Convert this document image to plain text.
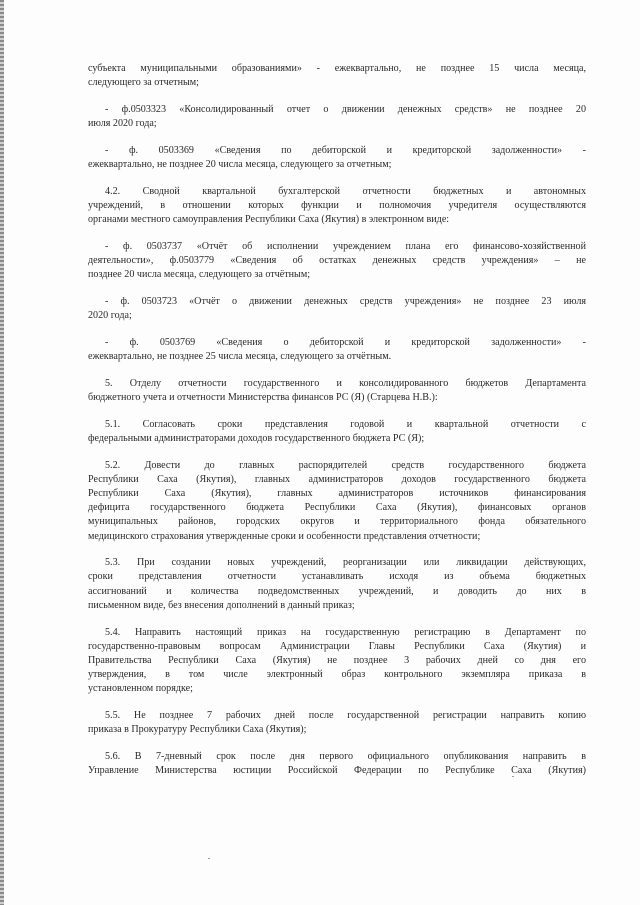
субъекта муниципальными образованиями» - ежеквартально, не позднее 15 числа месяца,
следующего за отчетным;

- ф.0503323 «Консолидированный отчет о движении денежных средств» не позднее 20
июля 2020 года;

- ф. 0503369 «Сведения по дебиторской и кредиторской задолженности» -
ежеквартально, не позднее 20 числа месяца, следующего за отчетным;

4.2. Сводной квартальной бухгалтерской отчетности бюджетных и автономных
учреждений, в отношении которых функции и полномочия учредителя осуществляются
органами местного самоуправления Республики Саха (Якутия) в электронном виде:

- ф. 0503737 «Отчёт об исполнении учреждением плана его финансово-хозяйственной
деятельности», ф.0503779 «Сведения об остатках денежных средств учреждения» – не
позднее 20 числа месяца, следующего за отчётным;

- ф. 0503723 «Отчёт о движении денежных средств учреждения» не позднее 23 июля
2020 года;

- ф. 0503769 «Сведения о дебиторской и кредиторской задолженности» -
ежеквартально, не позднее 25 числа месяца, следующего за отчётным.

5. Отделу отчетности государственного и консолидированного бюджетов Департамента
бюджетного учета и отчетности Министерства финансов РС (Я) (Старцева Н.В.):

5.1. Согласовать сроки представления годовой и квартальной отчетности с
федеральными администраторами доходов государственного бюджета РС (Я);

5.2. Довести до главных распорядителей средств государственного бюджета
Республики Саха (Якутия), главных администраторов доходов государственного бюджета
Республики Саха (Якутия), главных администраторов источников финансирования
дефицита государственного бюджета Республики Саха (Якутия), финансовых органов
муниципальных районов, городских округов и территориального фонда обязательного
медицинского страхования утвержденные сроки и особенности представления отчетности;

5.3. При создании новых учреждений, реорганизации или ликвидации действующих,
сроки представления отчетности устанавливать исходя из объема бюджетных
ассигнований и количества подведомственных учреждений, и доводить до них в
письменном виде, без внесения дополнений в данный приказ;

5.4. Направить настоящий приказ на государственную регистрацию в Департамент по
государственно-правовым вопросам Администрации Главы Республики Саха (Якутия) и
Правительства Республики Саха (Якутия) не позднее 3 рабочих дней со дня его
утверждения, в том числе электронный образ контрольного экземпляра приказа в
установленном порядке;

5.5. Не позднее 7 рабочих дней после государственной регистрации направить копию
приказа в Прокуратуру Республики Саха (Якутия);

5.6. В 7-дневный срок после дня первого официального опубликования направить в
Управление Министерства юстиции Российской Федерации по Республике Саха (Якутия)
